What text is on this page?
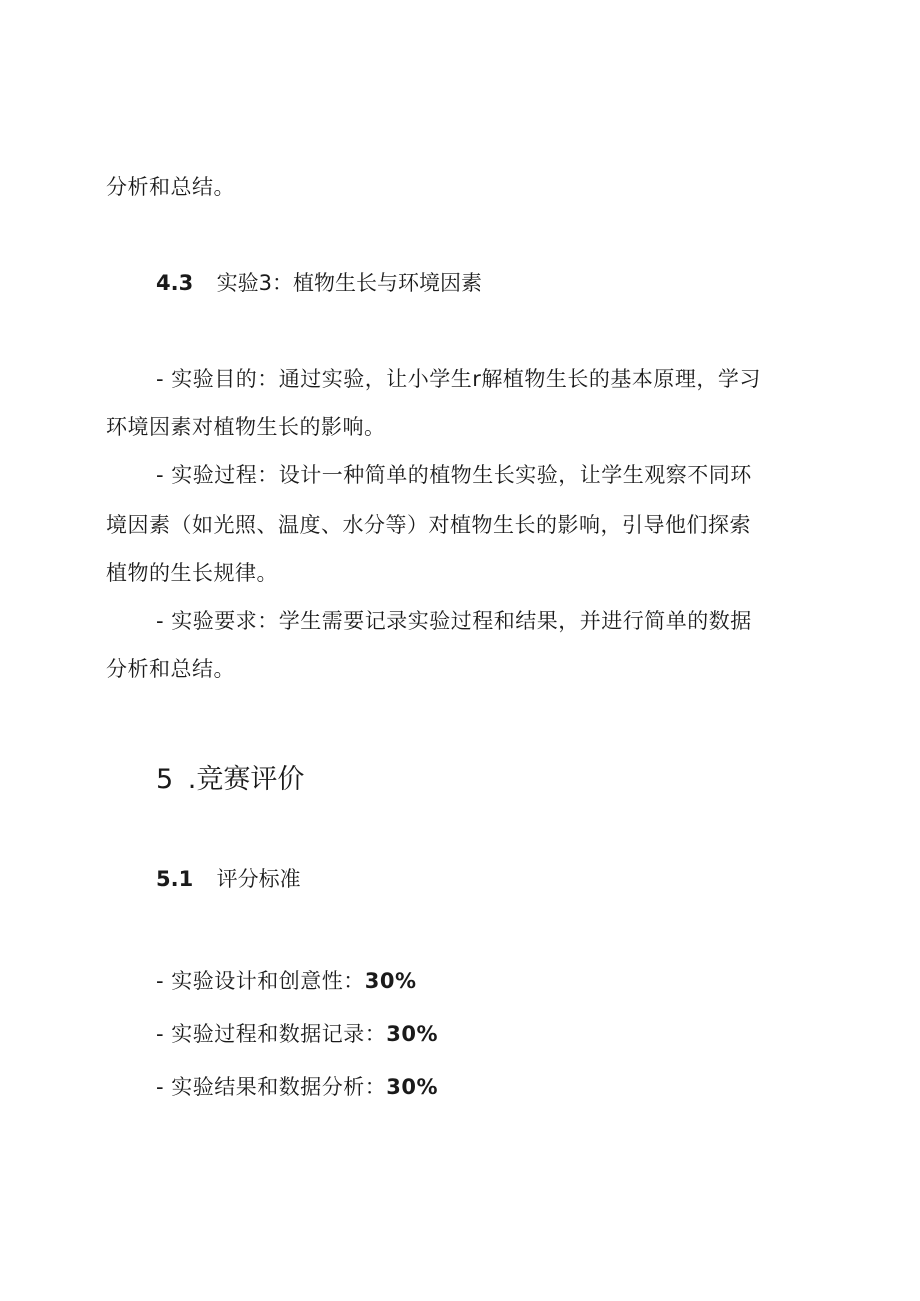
分析和总结。
4.3 实验3：植物生长与环境因素
- 实验目的：通过实验，让小学生r解植物生长的基本原理，学习
环境因素对植物生长的影响。
- 实验过程：设计一种简单的植物生长实验，让学生观察不同环
境因素（如光照、温度、水分等）对植物生长的影响，引导他们探索
植物的生长规律。
- 实验要求：学生需要记录实验过程和结果，并进行简单的数据
分析和总结。
5 .竞赛评价
5.1 评分标准
- 实验设计和创意性：30%
- 实验过程和数据记录：30%
- 实验结果和数据分析：30%
